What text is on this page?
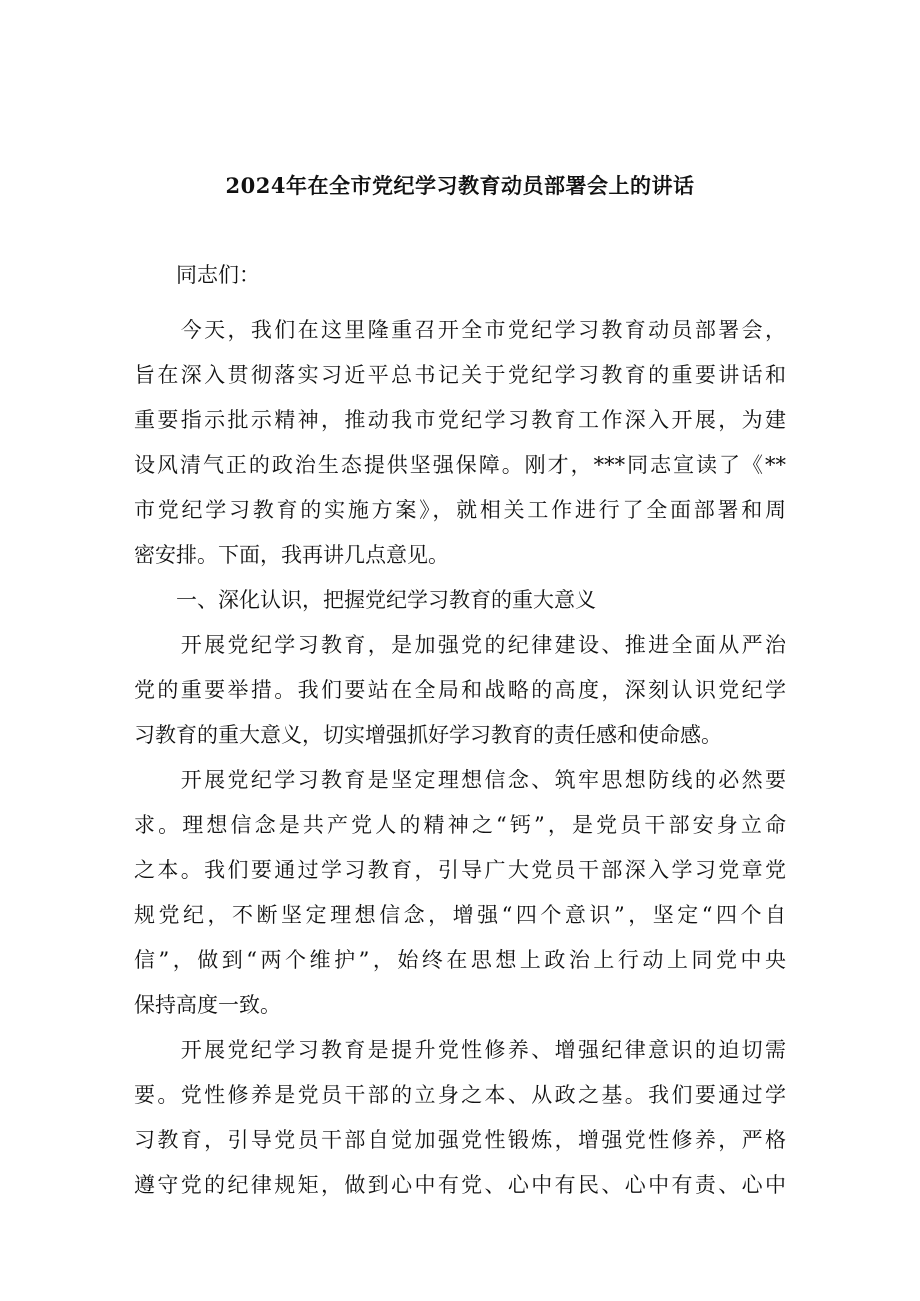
2024年在全市党纪学习教育动员部署会上的讲话
　　同志们：
　　今天，我们在这里隆重召开全市党纪学习教育动员部署会，
旨在深入贯彻落实习近平总书记关于党纪学习教育的重要讲话和
重要指示批示精神，推动我市党纪学习教育工作深入开展，为建
设风清气正的政治生态提供坚强保障。刚才，***同志宣读了《**
市党纪学习教育的实施方案》，就相关工作进行了全面部署和周
密安排。下面，我再讲几点意见。
　　一、深化认识，把握党纪学习教育的重大意义
　　开展党纪学习教育，是加强党的纪律建设、推进全面从严治
党的重要举措。我们要站在全局和战略的高度，深刻认识党纪学
习教育的重大意义，切实增强抓好学习教育的责任感和使命感。
　　开展党纪学习教育是坚定理想信念、筑牢思想防线的必然要
求。理想信念是共产党人的精神之“钙”，是党员干部安身立命
之本。我们要通过学习教育，引导广大党员干部深入学习党章党
规党纪，不断坚定理想信念，增强“四个意识”，坚定“四个自
信”，做到“两个维护”，始终在思想上政治上行动上同党中央
保持高度一致。
　　开展党纪学习教育是提升党性修养、增强纪律意识的迫切需
要。党性修养是党员干部的立身之本、从政之基。我们要通过学
习教育，引导党员干部自觉加强党性锻炼，增强党性修养，严格
遵守党的纪律规矩，做到心中有党、心中有民、心中有责、心中
